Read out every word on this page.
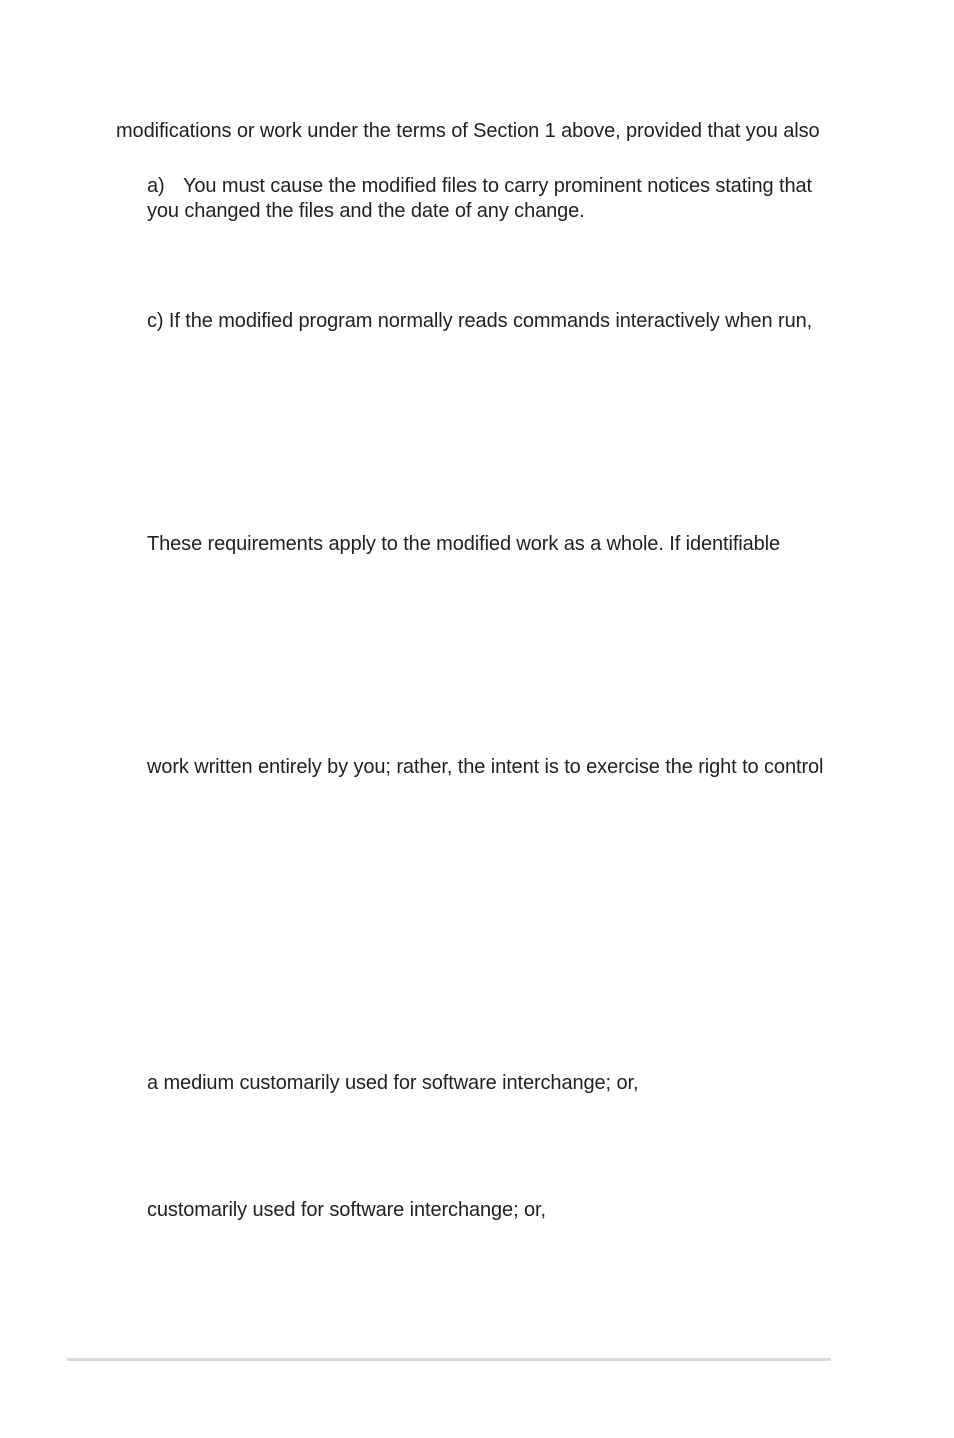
modifications or work under the terms of Section 1 above, provided that you also
a) You must cause the modified files to carry prominent notices stating that
you changed the files and the date of any change.
c) If the modified program normally reads commands interactively when run,
These requirements apply to the modified work as a whole. If identifiable
work written entirely by you; rather, the intent is to exercise the right to control
a medium customarily used for software interchange; or,
customarily used for software interchange; or,
